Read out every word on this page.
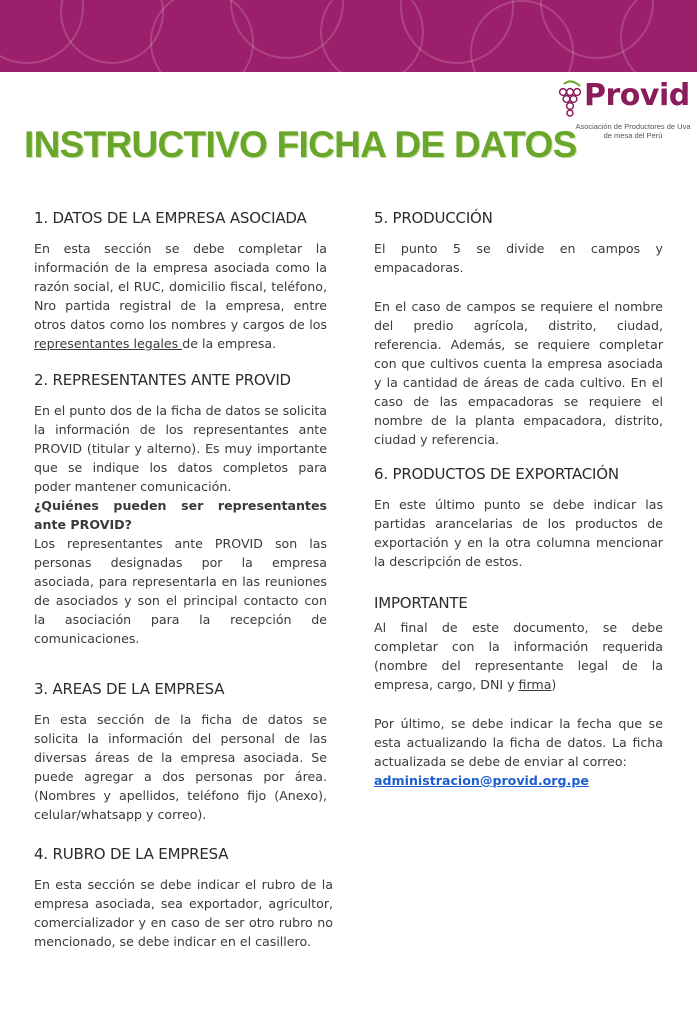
Provid
Asociación de Productores de Uva de mesa del Perú
INSTRUCTIVO FICHA DE DATOS
1. DATOS DE LA EMPRESA ASOCIADA

En esta sección se debe completar la información de la empresa asociada como la razón social, el RUC, domicilio fiscal, teléfono, Nro partida registral de la empresa, entre otros datos como los nombres y cargos de los representantes legales de la empresa.

2. REPRESENTANTES ANTE PROVID

En el punto dos de la ficha de datos se solicita la información de los representantes ante PROVID (titular y alterno). Es muy importante que se indique los datos completos para poder mantener comunicación.

¿Quiénes pueden ser representantes ante PROVID?

Los representantes ante PROVID son las personas designadas por la empresa asociada, para representarla en las reuniones de asociados y son el principal contacto con la asociación para la recepción de comunicaciones.

3. AREAS DE LA EMPRESA

En esta sección de la ficha de datos se solicita la información del personal de las diversas áreas de la empresa asociada. Se puede agregar a dos personas por área. (Nombres y apellidos, teléfono fijo (Anexo), celular/whatsapp y correo).

4. RUBRO DE LA EMPRESA

En esta sección se debe indicar el rubro de la empresa asociada, sea exportador, agricultor, comercializador y en caso de ser otro rubro no mencionado, se debe indicar en el casillero.

5. PRODUCCIÓN

El punto 5 se divide en campos y empacadoras.

En el caso de campos se requiere el nombre del predio agrícola, distrito, ciudad, referencia. Además, se requiere completar con que cultivos cuenta la empresa asociada y la cantidad de áreas de cada cultivo. En el caso de las empacadoras se requiere el nombre de la planta empacadora, distrito, ciudad y referencia.

6. PRODUCTOS DE EXPORTACIÓN

En este último punto se debe indicar las partidas arancelarias de los productos de exportación y en la otra columna mencionar la descripción de estos.

IMPORTANTE

Al final de este documento, se debe completar con la información requerida (nombre del representante legal de la empresa, cargo, DNI y firma)

Por último, se debe indicar la fecha que se esta actualizando la ficha de datos. La ficha actualizada se debe de enviar al correo:

administracion@provid.org.pe
